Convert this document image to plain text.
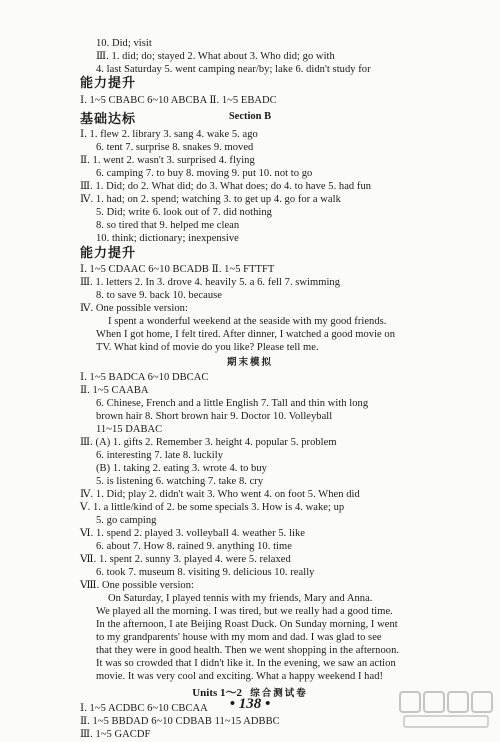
能力提升
Section B
基础达标
能力提升
期末模拟
Units 1～2 综合测试卷
• 138 •
10. Did; visit
Ⅲ. 1. did; do; stayed 2. What about 3. Who did; go with
4. last Saturday 5. went camping near/by; lake 6. didn't study for
Ⅰ. 1~5 CBABC 6~10 ABCBA Ⅱ. 1~5 EBADC
Ⅰ. 1. flew 2. library 3. sang 4. wake 5. ago
6. tent 7. surprise 8. snakes 9. moved
Ⅱ. 1. went 2. wasn't 3. surprised 4. flying
6. camping 7. to buy 8. moving 9. put 10. not to go
Ⅲ. 1. Did; do 2. What did; do 3. What does; do 4. to have 5. had fun
Ⅳ. 1. had; on 2. spend; watching 3. to get up 4. go for a walk
5. Did; write 6. look out of 7. did nothing
8. so tired that 9. helped me clean
10. think; dictionary; inexpensive
Ⅰ. 1~5 CDAAC 6~10 BCADB Ⅱ. 1~5 FTTFT
Ⅲ. 1. letters 2. In 3. drove 4. heavily 5. a 6. fell 7. swimming
8. to save 9. back 10. because
Ⅳ. One possible version:
I spent a wonderful weekend at the seaside with my good friends.
When I got home, I felt tired. After dinner, I watched a good movie on
TV. What kind of movie do you like? Please tell me.
Ⅰ. 1~5 BADCA 6~10 DBCAC
Ⅱ. 1~5 CAABA
6. Chinese, French and a little English 7. Tall and thin with long
brown hair 8. Short brown hair 9. Doctor 10. Volleyball
11~15 DABAC
Ⅲ. (A) 1. gifts 2. Remember 3. height 4. popular 5. problem
6. interesting 7. late 8. luckily
(B) 1. taking 2. eating 3. wrote 4. to buy
5. is listening 6. watching 7. take 8. cry
Ⅳ. 1. Did; play 2. didn't wait 3. Who went 4. on foot 5. When did
Ⅴ. 1. a little/kind of 2. be some specials 3. How is 4. wake; up
5. go camping
Ⅵ. 1. spend 2. played 3. volleyball 4. weather 5. like
6. about 7. How 8. rained 9. anything 10. time
Ⅶ. 1. spent 2. sunny 3. played 4. were 5. relaxed
6. took 7. museum 8. visiting 9. delicious 10. really
Ⅷ. One possible version:
On Saturday, I played tennis with my friends, Mary and Anna.
We played all the morning. I was tired, but we really had a good time.
In the afternoon, I ate Beijing Roast Duck. On Sunday morning, I went
to my grandparents' house with my mom and dad. I was glad to see
that they were in good health. Then we went shopping in the afternoon.
It was so crowded that I didn't like it. In the evening, we saw an action
movie. It was very cool and exciting. What a happy weekend I had!
Ⅰ. 1~5 ACDBC 6~10 CBCAA
Ⅱ. 1~5 BBDAD 6~10 CDBAB 11~15 ADBBC
Ⅲ. 1~5 GACDF
